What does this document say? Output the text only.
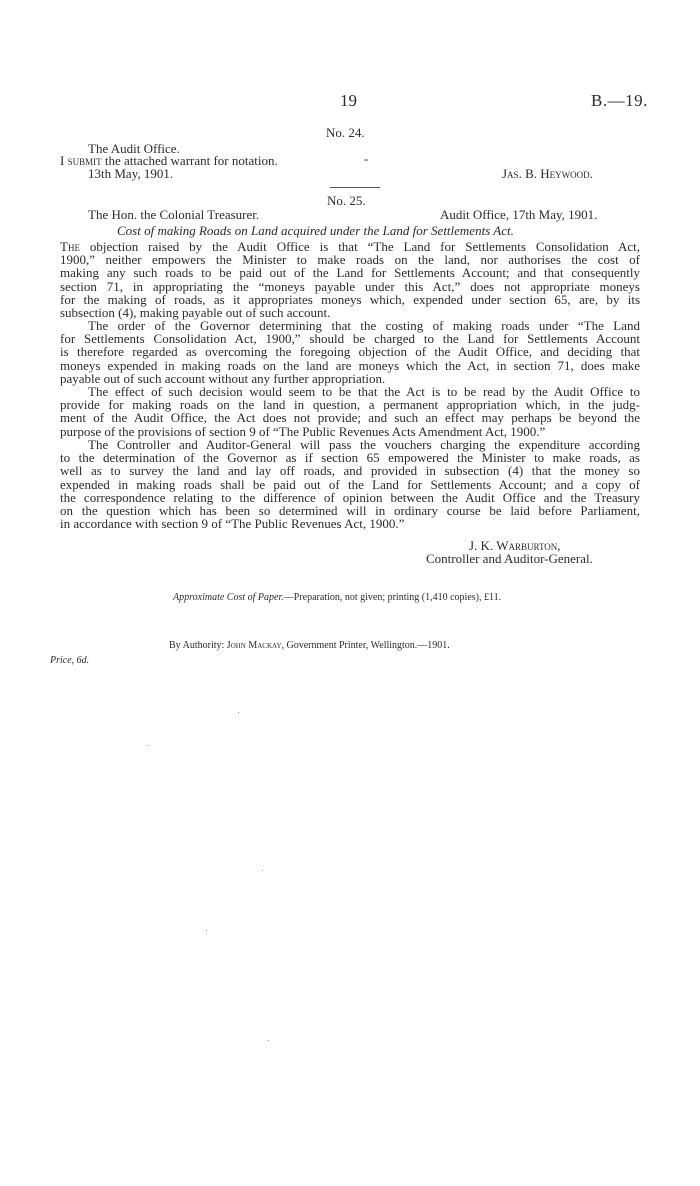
19	B.—19.
No. 24.
The Audit Office.
I submit the attached warrant for notation.	-
13th May, 1901.	Jas. B. Heywood.
No. 25.
The Hon. the Colonial Treasurer.	Audit Office, 17th May, 1901.
Cost of making Roads on Land acquired under the Land for Settlements Act.
The objection raised by the Audit Office is that “The Land for Settlements Consolidation Act,
1900,” neither empowers the Minister to make roads on the land, nor authorises the cost of
making any such roads to be paid out of the Land for Settlements Account; and that consequently
section 71, in appropriating the “moneys payable under this Act,” does not appropriate moneys
for the making of roads, as it appropriates moneys which, expended under section 65, are, by its
subsection (4), making payable out of such account.
The order of the Governor determining that the costing of making roads under “The Land
for Settlements Consolidation Act, 1900,” should be charged to the Land for Settlements Account
is therefore regarded as overcoming the foregoing objection of the Audit Office, and deciding that
moneys expended in making roads on the land are moneys which the Act, in section 71, does make
payable out of such account without any further appropriation.
The effect of such decision would seem to be that the Act is to be read by the Audit Office to
provide for making roads on the land in question, a permanent appropriation which, in the judg-
ment of the Audit Office, the Act does not provide; and such an effect may perhaps be beyond the
purpose of the provisions of section 9 of “The Public Revenues Acts Amendment Act, 1900.”
The Controller and Auditor-General will pass the vouchers charging the expenditure according
to the determination of the Governor as if section 65 empowered the Minister to make roads, as
well as to survey the land and lay off roads, and provided in subsection (4) that the money so
expended in making roads shall be paid out of the Land for Settlements Account; and a copy of
the correspondence relating to the difference of opinion between the Audit Office and the Treasury
on the question which has been so determined will in ordinary course be laid before Parliament,
in accordance with section 9 of “The Public Revenues Act, 1900.”
J. K. Warburton,
Controller and Auditor-General.
Approximate Cost of Paper.—Preparation, not given; printing (1,410 copies), £11.
By Authority: John Mackay, Government Printer, Wellington.—1901.
Price, 6d.
